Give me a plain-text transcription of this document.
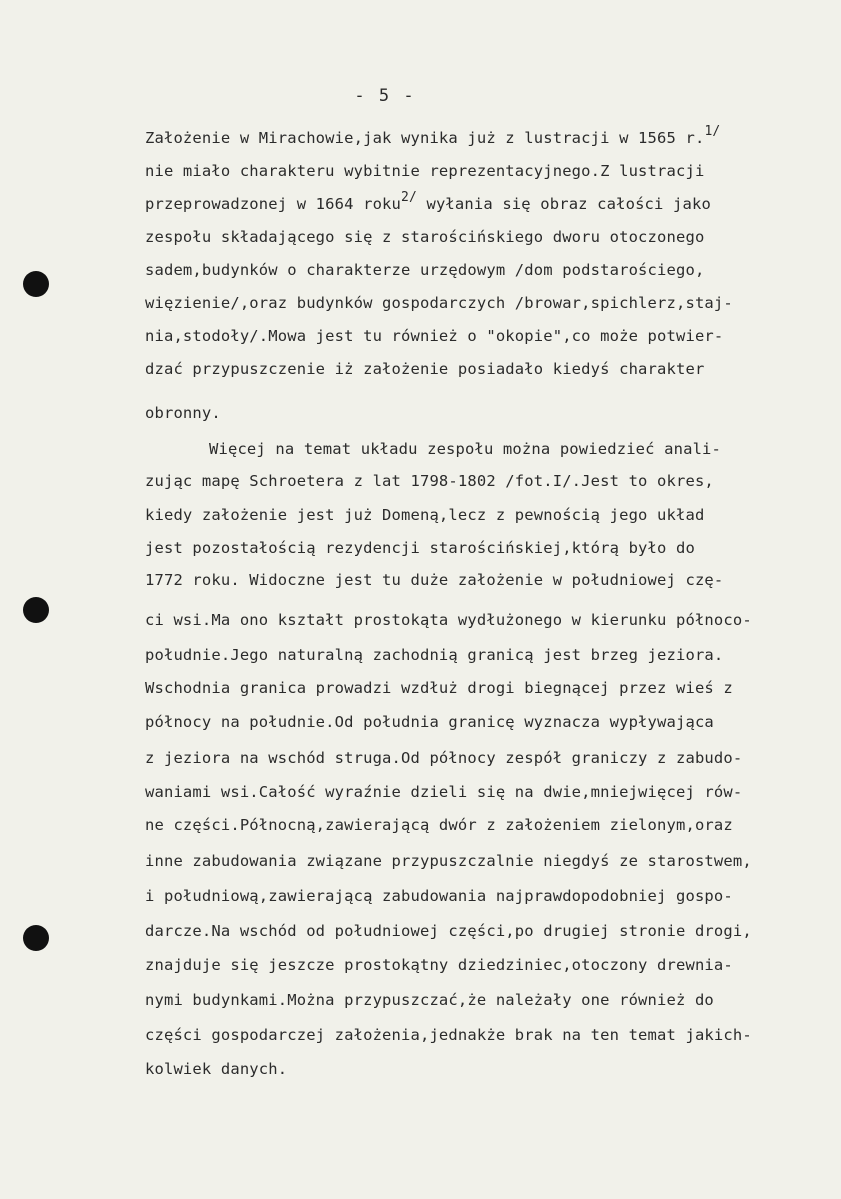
- 5 -
Założenie w Mirachowie,jak wynika już z lustracji w 1565 r.$^{1/}$
nie miało charakteru wybitnie reprezentacyjnego.Z lustracji
przeprowadzonej w 1664 roku$^{2/}$ wyłania się obraz całości jako
zespołu składającego się z starościńskiego dworu otoczonego
sadem,budynków o charakterze urzędowym /dom podstarościego,
więzienie/,oraz budynków gospodarczych /browar,spichlerz,staj-
nia,stodoły/.Mowa jest tu również o "okopie",co może potwier-
dzać przypuszczenie iż założenie posiadało kiedyś charakter
obronny.
Więcej na temat układu zespołu można powiedzieć anali-
zując mapę Schroetera z lat 1798-1802 /fot.I/.Jest to okres,
kiedy założenie jest już Domeną,lecz z pewnością jego układ
jest pozostałością rezydencji starościńskiej,którą było do
1772 roku. Widoczne jest tu duże założenie w południowej czę-
ci wsi.Ma ono kształt prostokąta wydłużonego w kierunku północo-
południe.Jego naturalną zachodnią granicą jest brzeg jeziora.
Wschodnia granica prowadzi wzdłuż drogi biegnącej przez wieś z
północy na południe.Od południa granicę wyznacza wypływająca
z jeziora na wschód struga.Od północy zespół graniczy z zabudo-
waniami wsi.Całość wyraźnie dzieli się na dwie,mniejwięcej rów-
ne części.Północną,zawierającą dwór z założeniem zielonym,oraz
inne zabudowania związane przypuszczalnie niegdyś ze starostwem,
i południową,zawierającą zabudowania najprawdopodobniej gospo-
darcze.Na wschód od południowej części,po drugiej stronie drogi,
znajduje się jeszcze prostokątny dziedziniec,otoczony drewnia-
nymi budynkami.Można przypuszczać,że należały one również do
części gospodarczej założenia,jednakże brak na ten temat jakich-
kolwiek danych.
